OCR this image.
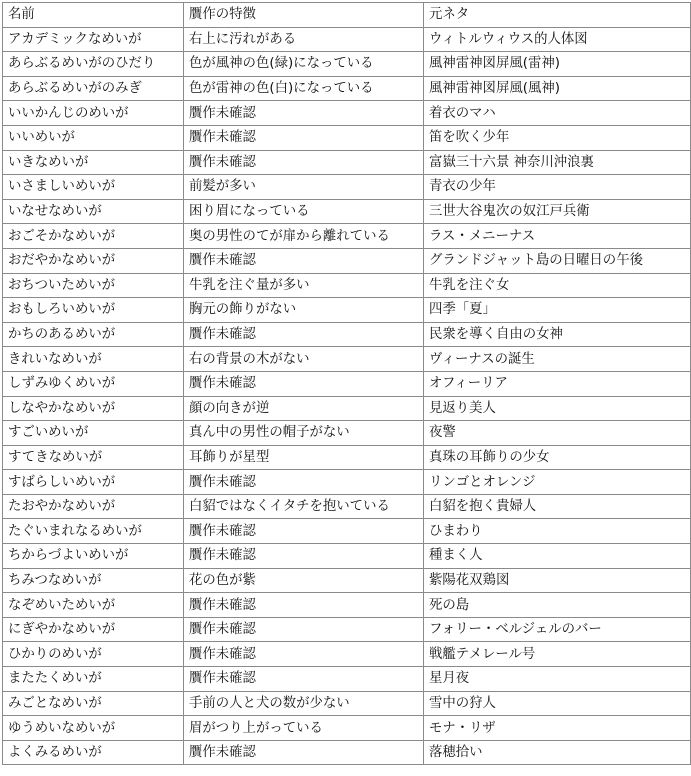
名前	贋作の特徴	元ネタ
アカデミックなめいが	右上に汚れがある	ウィトルウィウス的人体図
あらぶるめいがのひだり	色が風神の色(緑)になっている	風神雷神図屏風(雷神)
あらぶるめいがのみぎ	色が雷神の色(白)になっている	風神雷神図屏風(風神)
いいかんじのめいが	贋作未確認	着衣のマハ
いいめいが	贋作未確認	笛を吹く少年
いきなめいが	贋作未確認	富嶽三十六景 神奈川沖浪裏
いさましいめいが	前髪が多い	青衣の少年
いなせなめいが	困り眉になっている	三世大谷鬼次の奴江戸兵衛
おごそかなめいが	奥の男性のてが扉から離れている	ラス・メニーナス
おだやかなめいが	贋作未確認	グランドジャット島の日曜日の午後
おちついためいが	牛乳を注ぐ量が多い	牛乳を注ぐ女
おもしろいめいが	胸元の飾りがない	四季「夏」
かちのあるめいが	贋作未確認	民衆を導く自由の女神
きれいなめいが	右の背景の木がない	ヴィーナスの誕生
しずみゆくめいが	贋作未確認	オフィーリア
しなやかなめいが	顔の向きが逆	見返り美人
すごいめいが	真ん中の男性の帽子がない	夜警
すてきなめいが	耳飾りが星型	真珠の耳飾りの少女
すばらしいめいが	贋作未確認	リンゴとオレンジ
たおやかなめいが	白貂ではなくイタチを抱いている	白貂を抱く貴婦人
たぐいまれなるめいが	贋作未確認	ひまわり
ちからづよいめいが	贋作未確認	種まく人
ちみつなめいが	花の色が紫	紫陽花双鶏図
なぞめいためいが	贋作未確認	死の島
にぎやかなめいが	贋作未確認	フォリー・ベルジェルのバー
ひかりのめいが	贋作未確認	戦艦テメレール号
またたくめいが	贋作未確認	星月夜
みごとなめいが	手前の人と犬の数が少ない	雪中の狩人
ゆうめいなめいが	眉がつり上がっている	モナ・リザ
よくみるめいが	贋作未確認	落穂拾い
